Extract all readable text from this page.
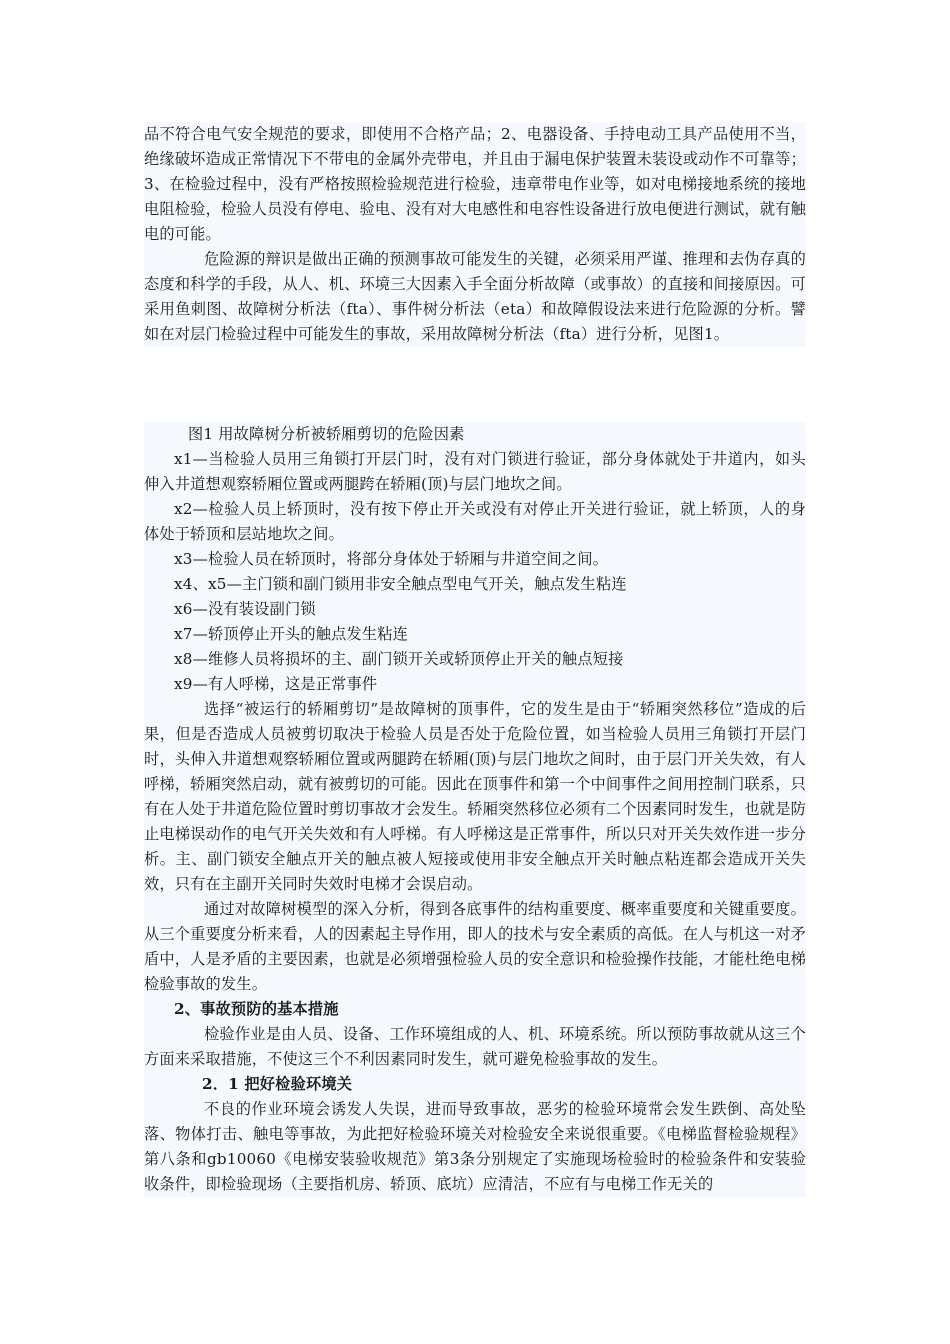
品不符合电气安全规范的要求，即使用不合格产品；2、电器设备、手持电动工具产品使用不当，绝缘破坏造成正常情况下不带电的金属外壳带电，并且由于漏电保护装置未装设或动作不可靠等；3、在检验过程中，没有严格按照检验规范进行检验，违章带电作业等，如对电梯接地系统的接地电阻检验，检验人员没有停电、验电、没有对大电感性和电容性设备进行放电便进行测试，就有触电的可能。

危险源的辩识是做出正确的预测事故可能发生的关键，必须采用严谨、推理和去伪存真的态度和科学的手段，从人、机、环境三大因素入手全面分析故障（或事故）的直接和间接原因。可采用鱼刺图、故障树分析法（fta）、事件树分析法（eta）和故障假设法来进行危险源的分析。譬如在对层门检验过程中可能发生的事故，采用故障树分析法（fta）进行分析，见图1。

图1 用故障树分析被轿厢剪切的危险因素

x1—当检验人员用三角锁打开层门时，没有对门锁进行验证，部分身体就处于井道内，如头伸入井道想观察轿厢位置或两腿跨在轿厢(顶)与层门地坎之间。

x2—检验人员上轿顶时，没有按下停止开关或没有对停止开关进行验证，就上轿顶，人的身体处于轿顶和层站地坎之间。

x3—检验人员在轿顶时，将部分身体处于轿厢与井道空间之间。

x4、x5—主门锁和副门锁用非安全触点型电气开关，触点发生粘连

x6—没有装设副门锁

x7—轿顶停止开头的触点发生粘连

x8—维修人员将损坏的主、副门锁开关或轿顶停止开关的触点短接

x9—有人呼梯，这是正常事件

选择“被运行的轿厢剪切”是故障树的顶事件，它的发生是由于“轿厢突然移位”造成的后果，但是否造成人员被剪切取决于检验人员是否处于危险位置，如当检验人员用三角锁打开层门时，头伸入井道想观察轿厢位置或两腿跨在轿厢(顶)与层门地坎之间时，由于层门开关失效，有人呼梯，轿厢突然启动，就有被剪切的可能。因此在顶事件和第一个中间事件之间用控制门联系，只有在人处于井道危险位置时剪切事故才会发生。轿厢突然移位必须有二个因素同时发生，也就是防止电梯误动作的电气开关失效和有人呼梯。有人呼梯这是正常事件，所以只对开关失效作进一步分析。主、副门锁安全触点开关的触点被人短接或使用非安全触点开关时触点粘连都会造成开关失效，只有在主副开关同时失效时电梯才会误启动。

通过对故障树模型的深入分析，得到各底事件的结构重要度、概率重要度和关键重要度。从三个重要度分析来看，人的因素起主导作用，即人的技术与安全素质的高低。在人与机这一对矛盾中，人是矛盾的主要因素，也就是必须增强检验人员的安全意识和检验操作技能，才能杜绝电梯检验事故的发生。

2、事故预防的基本措施

检验作业是由人员、设备、工作环境组成的人、机、环境系统。所以预防事故就从这三个方面来采取措施，不使这三个不利因素同时发生，就可避免检验事故的发生。

2．1 把好检验环境关

不良的作业环境会诱发人失误，进而导致事故，恶劣的检验环境常会发生跌倒、高处坠落、物体打击、触电等事故，为此把好检验环境关对检验安全来说很重要。《电梯监督检验规程》第八条和gb10060《电梯安装验收规范》第3条分别规定了实施现场检验时的检验条件和安装验收条件，即检验现场（主要指机房、轿顶、底坑）应清洁，不应有与电梯工作无关的
